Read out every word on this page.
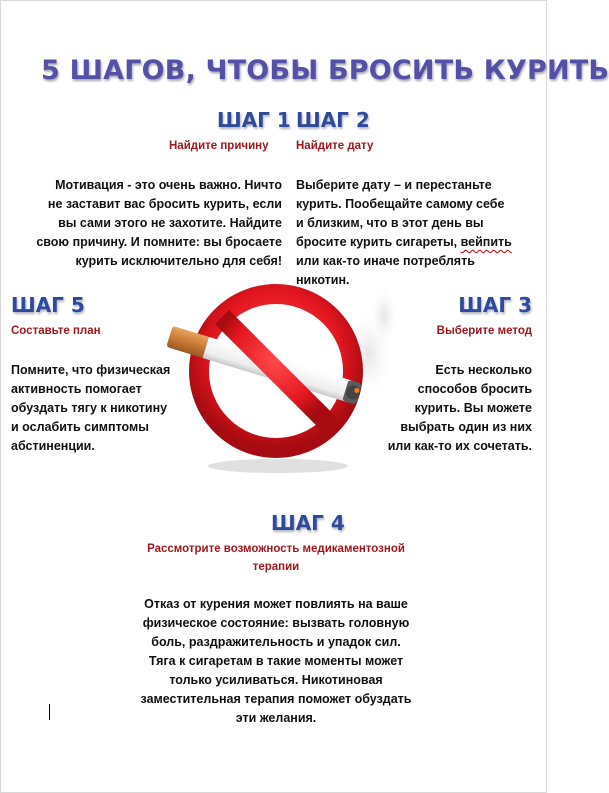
5 ШАГОВ, ЧТОБЫ БРОСИТЬ КУРИТЬ
ШАГ 1
Найдите причину
Мотивация - это очень важно. Ничто
не заставит вас бросить курить, если
вы сами этого не захотите. Найдите
свою причину. И помните: вы бросаете
курить исключительно для себя!
ШАГ 2
Найдите дату
Выберите дату – и перестаньте
курить. Пообещайте самому себе
и близким, что в этот день вы
бросите курить сигареты, вейпить
или как-то иначе потреблять
никотин.
ШАГ 5
Составьте план
Помните, что физическая
активность помогает
обуздать тягу к никотину
и ослабить симптомы
абстиненции.
ШАГ 3
Выберите метод
Есть несколько
способов бросить
курить. Вы можете
выбрать один из них
или как-то их сочетать.
ШАГ 4
Рассмотрите возможность медикаментозной
терапии
Отказ от курения может повлиять на ваше
физическое состояние: вызвать головную
боль, раздражительность и упадок сил.
Тяга к сигаретам в такие моменты может
только усиливаться. Никотиновая
заместительная терапия поможет обуздать
эти желания.
